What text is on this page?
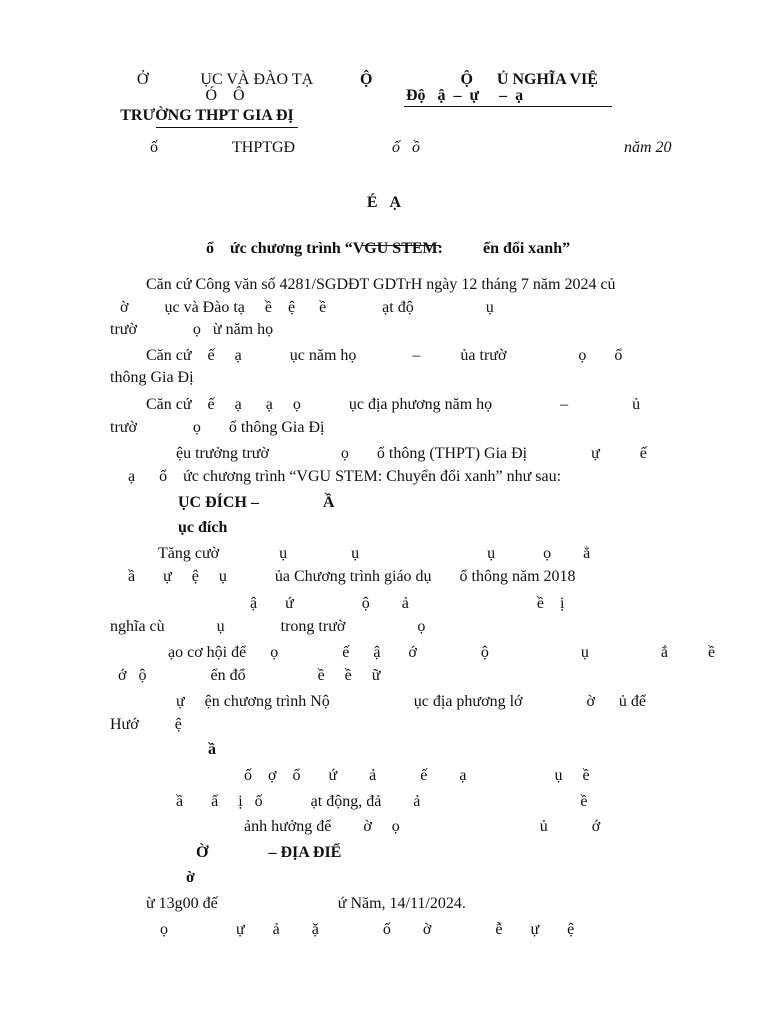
Ở             ỤC VÀ ĐÀO TẠ
Ó    Ô
TRƯỜNG THPT GIA ĐỊ
Ộ                      Ộ      Ủ NGHĨA VIỆ
Độ   ậ  –  ự     –  ạ
ố	THPTGĐ	ố   ồ	năm 20
É   Ạ

ổ    ức chương trình “VGU STEM:          ển đổi xanh”

Căn cứ Công văn số 4281/SGDĐT GDTrH ngày 12 tháng 7 năm 2024 củ
ờ         ục và Đào tạ     ề    ệ      ề              ạt độ                  ụ
trườ              ọ   ừ năm họ
Căn cứ    ế     ạ            ục năm họ              –          ủa trườ                  ọ       ổ
thông Gia Đị
Căn cứ    ế     ạ      ạ     ọ            ục địa phương năm họ                 –                ủ
trườ              ọ       ổ thông Gia Đị
ệu trưởng trườ                  ọ       ổ thông (THPT) Gia Đị                ự          ế
ạ      ổ    ức chương trình “VGU STEM: Chuyển đổi xanh” như sau:
ỤC ĐÍCH –                Ầ
ục đích
Tăng cườ               ụ                ụ                                ụ            ọ        ẳ
ầ       ự     ệ     ụ            ủa Chương trình giáo dụ       ổ thông năm 2018
ậ       ứ                 ộ        ả                                ề    ị
nghĩa cù             ụ              trong trườ                  ọ
ạo cơ hội để      ọ                ế      ậ       ớ                ộ                       ụ                  ắ          ề
ớ   ộ                ển đổ                  ề     ề     ữ
ự     ện chương trình Nộ                     ục địa phương lớ                ờ      ủ để
Hướ         ệ
ầ
ố    ợ    ổ       ứ        ả           ế        ạ                      ụ     ề
ầ       ẩ     ị   ố            ạt động, đả        ả                                        ề
ảnh hưởng để        ờ     ọ                                   ủ           ớ
Ờ               – ĐỊA ĐIỂ
ờ
ừ 13g00 đế                              ứ Năm, 14/11/2024.
ọ                 ự       ả        ặ                ố        ờ                ễ       ự       ệ
